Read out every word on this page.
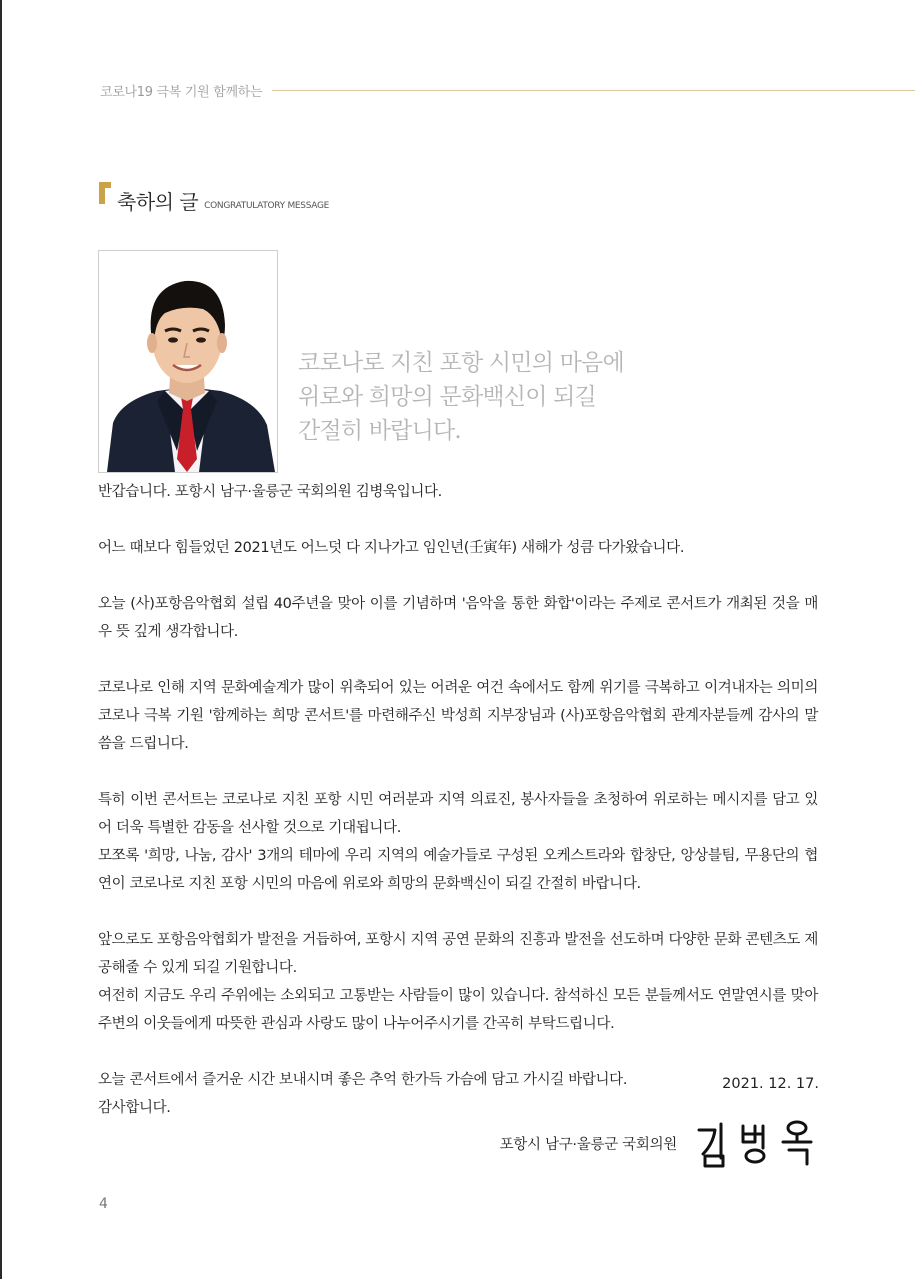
코로나19 극복 기원 함께하는
축하의 글 CONGRATULATORY MESSAGE
코로나로 지친 포항 시민의 마음에
위로와 희망의 문화백신이 되길
간절히 바랍니다.

반갑습니다. 포항시 남구·울릉군 국회의원 김병욱입니다.

어느 때보다 힘들었던 2021년도 어느덧 다 지나가고 임인년(壬寅年) 새해가 성큼 다가왔습니다.

오늘 (사)포항음악협회 설립 40주년을 맞아 이를 기념하며 '음악을 통한 화합'이라는 주제로 콘서트가 개최된 것을 매우 뜻 깊게 생각합니다.

코로나로 인해 지역 문화예술계가 많이 위축되어 있는 어려운 여건 속에서도 함께 위기를 극복하고 이겨내자는 의미의 코로나 극복 기원 '함께하는 희망 콘서트'를 마련해주신 박성희 지부장님과 (사)포항음악협회 관계자분들께 감사의 말씀을 드립니다.

특히 이번 콘서트는 코로나로 지친 포항 시민 여러분과 지역 의료진, 봉사자들을 초청하여 위로하는 메시지를 담고 있어 더욱 특별한 감동을 선사할 것으로 기대됩니다.

모쪼록 '희망, 나눔, 감사' 3개의 테마에 우리 지역의 예술가들로 구성된 오케스트라와 합창단, 앙상블팀, 무용단의 협연이 코로나로 지친 포항 시민의 마음에 위로와 희망의 문화백신이 되길 간절히 바랍니다.

앞으로도 포항음악협회가 발전을 거듭하여, 포항시 지역 공연 문화의 진흥과 발전을 선도하며 다양한 문화 콘텐츠도 제공해줄 수 있게 되길 기원합니다.

여전히 지금도 우리 주위에는 소외되고 고통받는 사람들이 많이 있습니다. 참석하신 모든 분들께서도 연말연시를 맞아 주변의 이웃들에게 따뜻한 관심과 사랑도 많이 나누어주시기를 간곡히 부탁드립니다.

오늘 콘서트에서 즐거운 시간 보내시며 좋은 추억 한가득 가슴에 담고 가시길 바랍니다.

감사합니다.

2021. 12. 17.
포항시 남구·울릉군 국회의원
4
